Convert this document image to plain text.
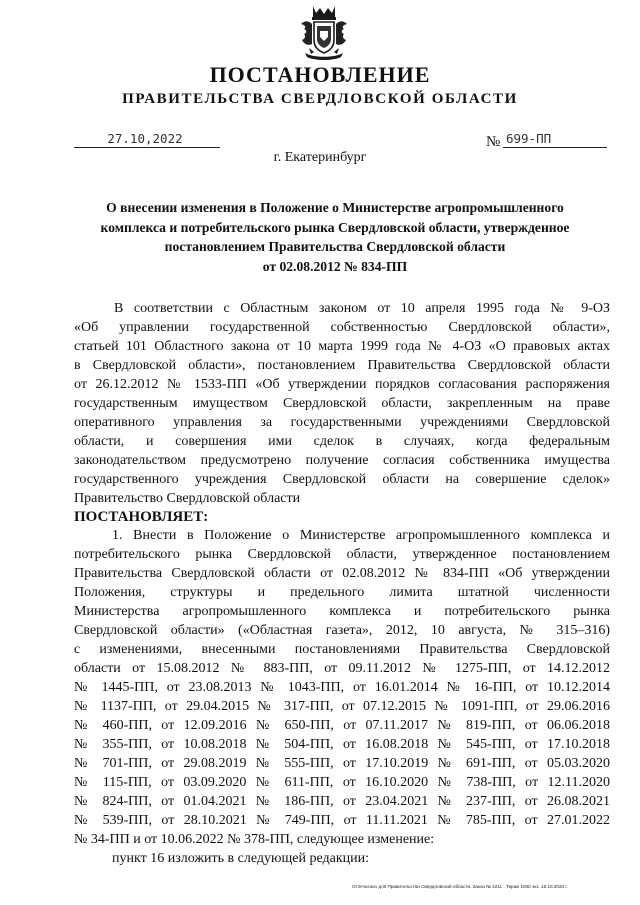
ПОСТАНОВЛЕНИЕ
ПРАВИТЕЛЬСТВА СВЕРДЛОВСКОЙ ОБЛАСТИ
27.10,2022	№ 699-ПП
г. Екатеринбург
О внесении изменения в Положение о Министерстве агропромышленного
комплекса и потребительского рынка Свердловской области, утвержденное
постановлением Правительства Свердловской области
от 02.08.2012 № 834-ПП
В соответствии с Областным законом от 10 апреля 1995 года № 9-ОЗ
«Об управлении государственной собственностью Свердловской области»,
статьей 101 Областного закона от 10 марта 1999 года № 4-ОЗ «О правовых актах
в Свердловской области», постановлением Правительства Свердловской области
от 26.12.2012 № 1533-ПП «Об утверждении порядков согласования распоряжения
государственным имуществом Свердловской области, закрепленным на праве
оперативного управления за государственными учреждениями Свердловской
области, и совершения ими сделок в случаях, когда федеральным
законодательством предусмотрено получение согласия собственника имущества
государственного учреждения Свердловской области на совершение сделок»
Правительство Свердловской области
ПОСТАНОВЛЯЕТ:
1. Внести в Положение о Министерстве агропромышленного комплекса и
потребительского рынка Свердловской области, утвержденное постановлением
Правительства Свердловской области от 02.08.2012 № 834-ПП «Об утверждении
Положения, структуры и предельного лимита штатной численности
Министерства агропромышленного комплекса и потребительского рынка
Свердловской области» («Областная газета», 2012, 10 августа, № 315–316)
с изменениями, внесенными постановлениями Правительства Свердловской
области от 15.08.2012 № 883-ПП, от 09.11.2012 № 1275-ПП, от 14.12.2012
№ 1445-ПП, от 23.08.2013 № 1043-ПП, от 16.01.2014 № 16-ПП, от 10.12.2014
№ 1137-ПП, от 29.04.2015 № 317-ПП, от 07.12.2015 № 1091-ПП, от 29.06.2016
№ 460-ПП, от 12.09.2016 № 650-ПП, от 07.11.2017 № 819-ПП, от 06.06.2018
№ 355-ПП, от 10.08.2018 № 504-ПП, от 16.08.2018 № 545-ПП, от 17.10.2018
№ 701-ПП, от 29.08.2019 № 555-ПП, от 17.10.2019 № 691-ПП, от 05.03.2020
№ 115-ПП, от 03.09.2020 № 611-ПП, от 16.10.2020 № 738-ПП, от 12.11.2020
№ 824-ПП, от 01.04.2021 № 186-ПП, от 23.04.2021 № 237-ПП, от 26.08.2021
№ 539-ПП, от 28.10.2021 № 749-ПП, от 11.11.2021 № 785-ПП, от 27.01.2022
№ 34-ПП и от 10.06.2022 № 378-ПП, следующее изменение:
пункт 16 изложить в следующей редакции:
Отпечатано для Правительства Свердловской области. Заказ № 4211 . Тираж 1000 экз. 16.10.2020 г.
